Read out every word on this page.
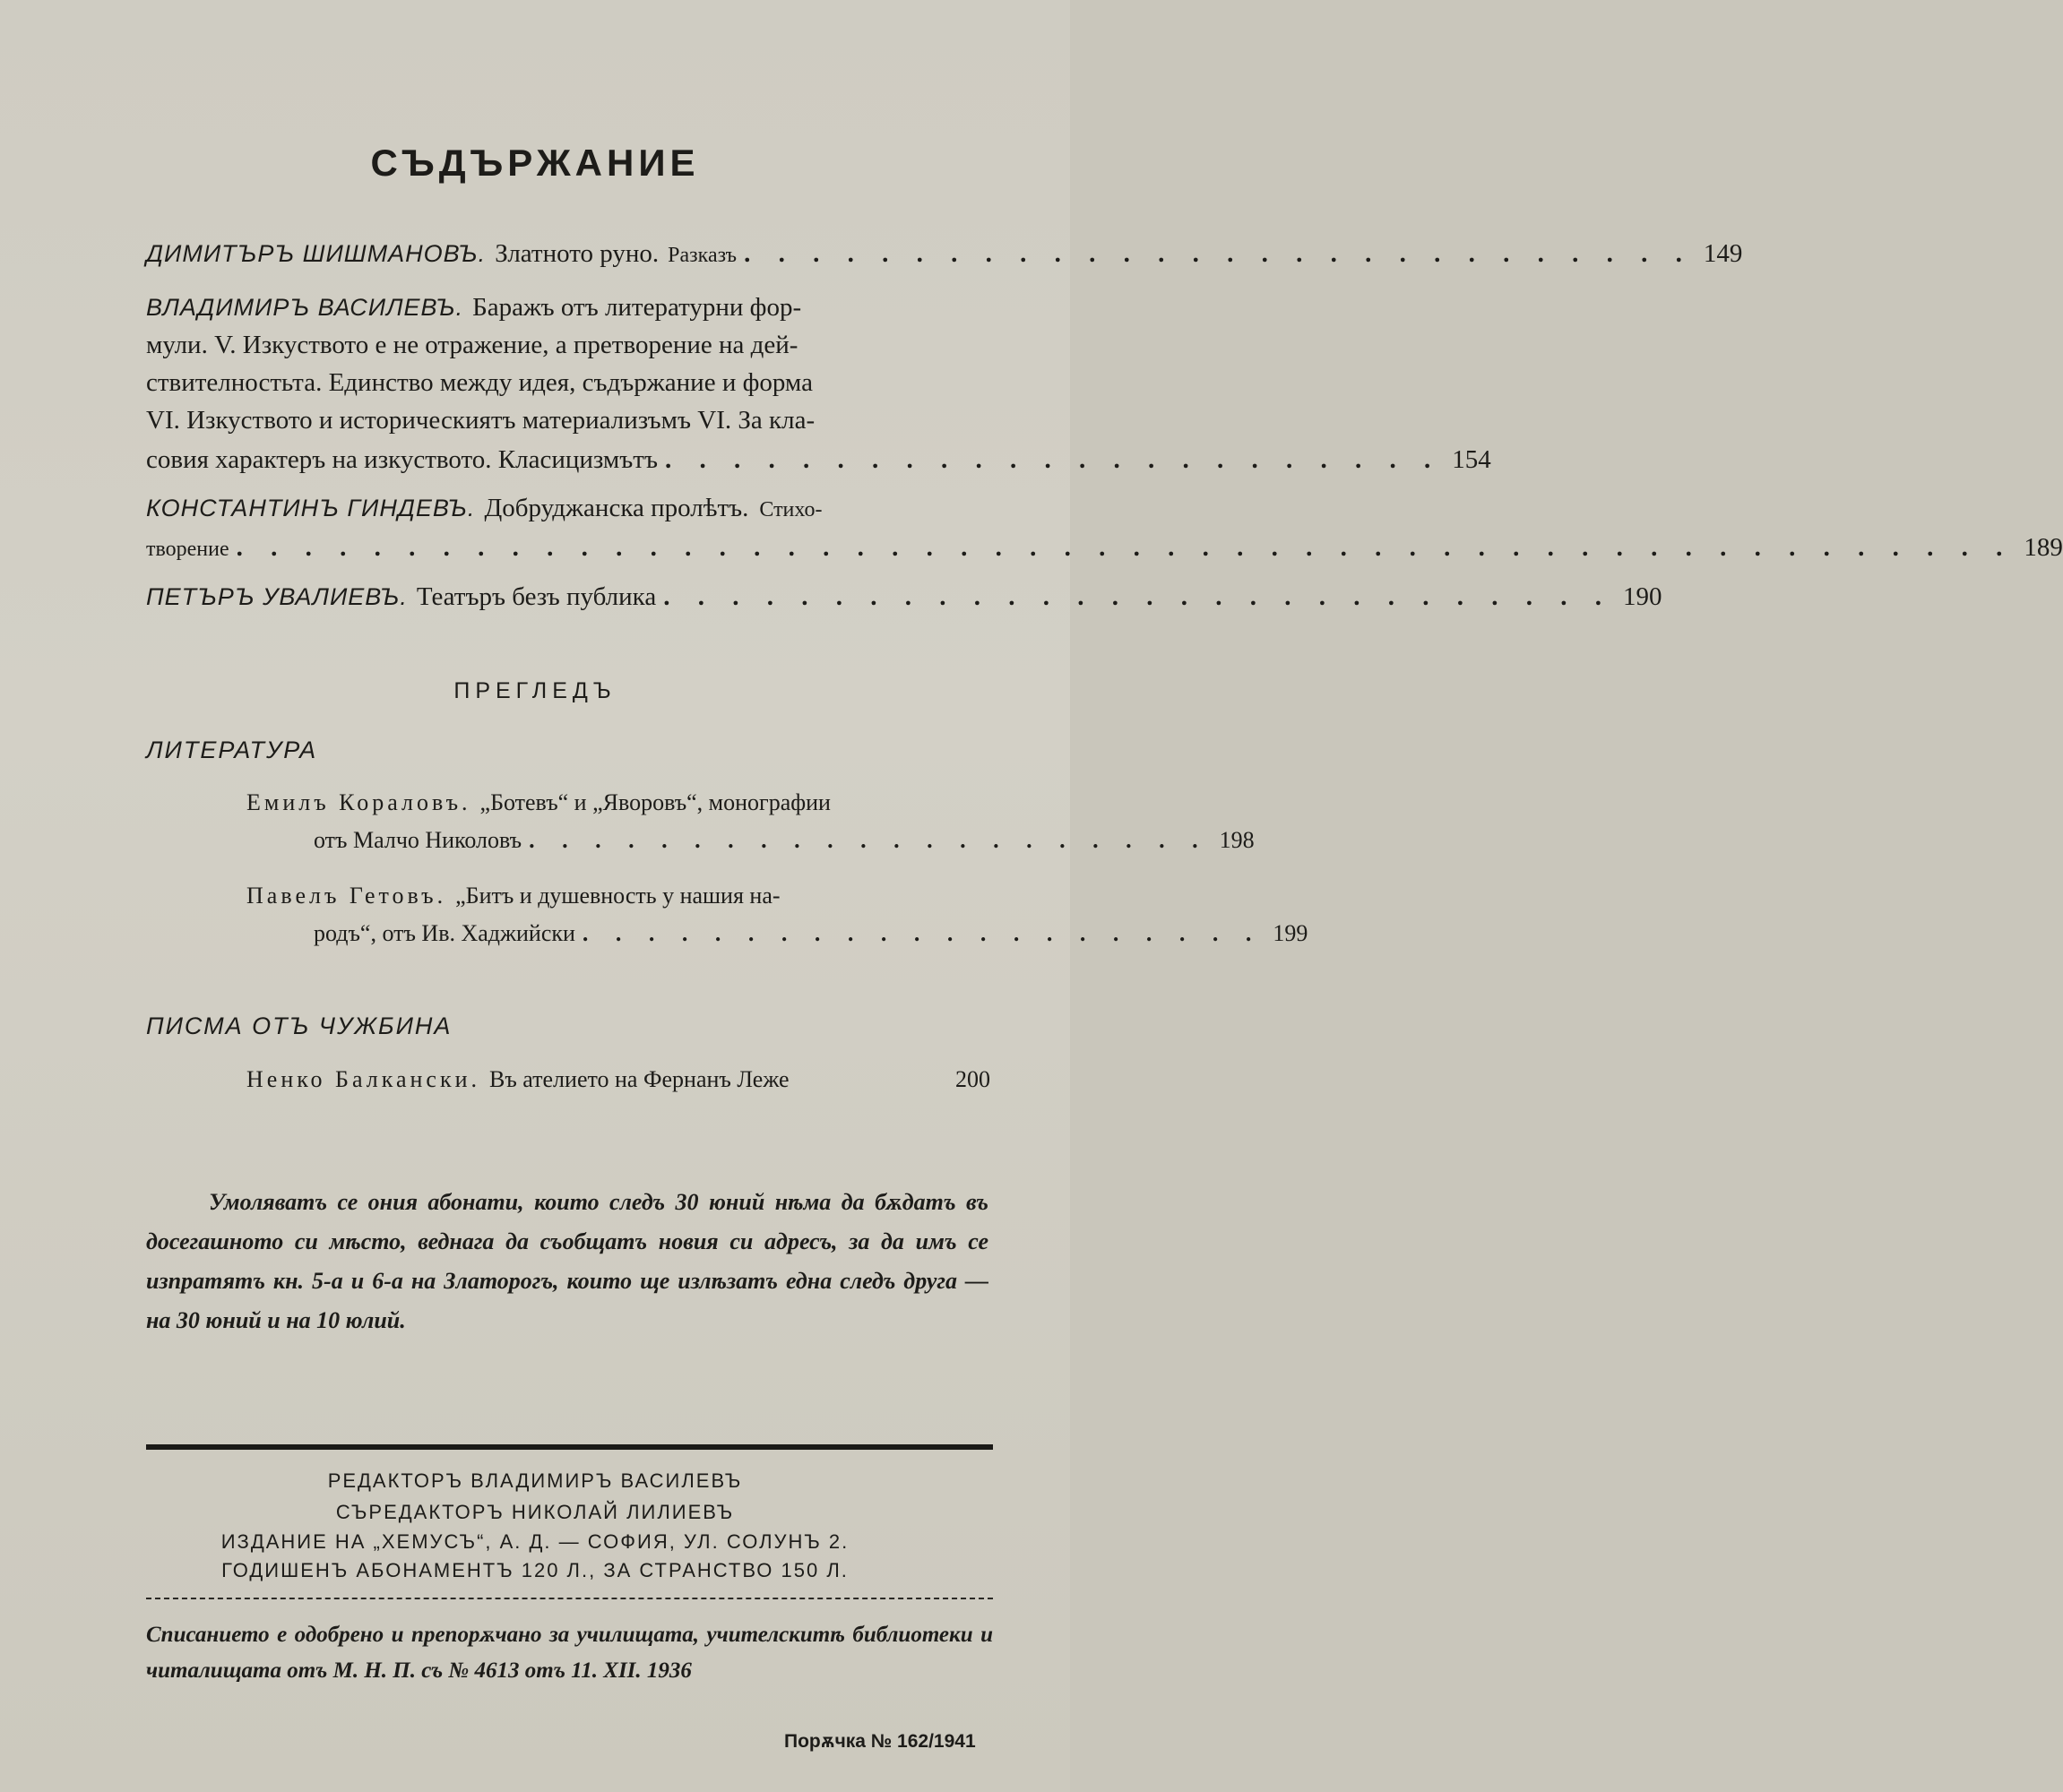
СЪДЪРЖАНИЕ
ДИМИТЪРЪ ШИШМАНОВЪ. Златното руно. Разказъ . . . . . . . . . . . . . . . . . . . . . . . . . . . . 149
ВЛАДИМИРЪ ВАСИЛЕВЪ. Баражъ отъ литературни фор-
мули. V. Изкуството е не отражение, а претворение на дей-
ствителностьта. Единство между идея, съдържание и форма
VI. Изкуството и историческиятъ материализъмъ VI. За кла-
совия характеръ на изкуството. Класицизмътъ . . . . . . . . . . . . . . . . . . . . . . . 154
КОНСТАНТИНЪ ГИНДЕВЪ. Добруджанска пролѣтъ. Стихо-
творение . . . . . . . . . . . . . . . . . . . . . . . . . . . . . . . . . . . . . . . . . . . . . . . . . . . . 189
ПЕТЪРЪ УВАЛИЕВЪ. Театъръ безъ публика . . . . . . . . . . . . . . . . . . . . . . . . . . . . 190
ПРЕГЛЕДЪ
ЛИТЕРАТУРА
Емилъ Кораловъ. „Ботевъ“ и „Яворовъ“, монографии
отъ Малчо Николовъ . . . . . . . . . . . . . . . . . . . . . 198
Павелъ Гетовъ. „Битъ и душевность у нашия на-
родъ“, отъ Ив. Хаджийски . . . . . . . . . . . . . . . . . . . . . 199
ПИСМА ОТЪ ЧУЖБИНА
Ненко Балкански. Въ ателието на Фернанъ Леже	200

Умоляватъ се ония абонати, които следъ 30 юний нѣма да бѫдатъ въ досегашното си мѣсто, веднага да съобщатъ новия си адресъ, за да имъ се изпратятъ кн. 5-а и 6-а на Златорогъ, които ще излѣзатъ една следъ друга — на 30 юний и на 10 юлий.

РЕДАКТОРЪ ВЛАДИМИРЪ ВАСИЛЕВЪ
СЪРЕДАКТОРЪ НИКОЛАЙ ЛИЛИЕВЪ
ИЗДАНИЕ НА „ХЕМУСЪ“, А. Д. — СОФИЯ, УЛ. СОЛУНЪ 2.
ГОДИШЕНЪ АБОНАМЕНТЪ 120 Л., ЗА СТРАНСТВО 150 Л.
Списанието е одобрено и препорѫчано за училищата, учителскитѣ библиотеки и читалищата отъ М. Н. П. съ № 4613 отъ 11. XII. 1936
Порѫчка № 162/1941
